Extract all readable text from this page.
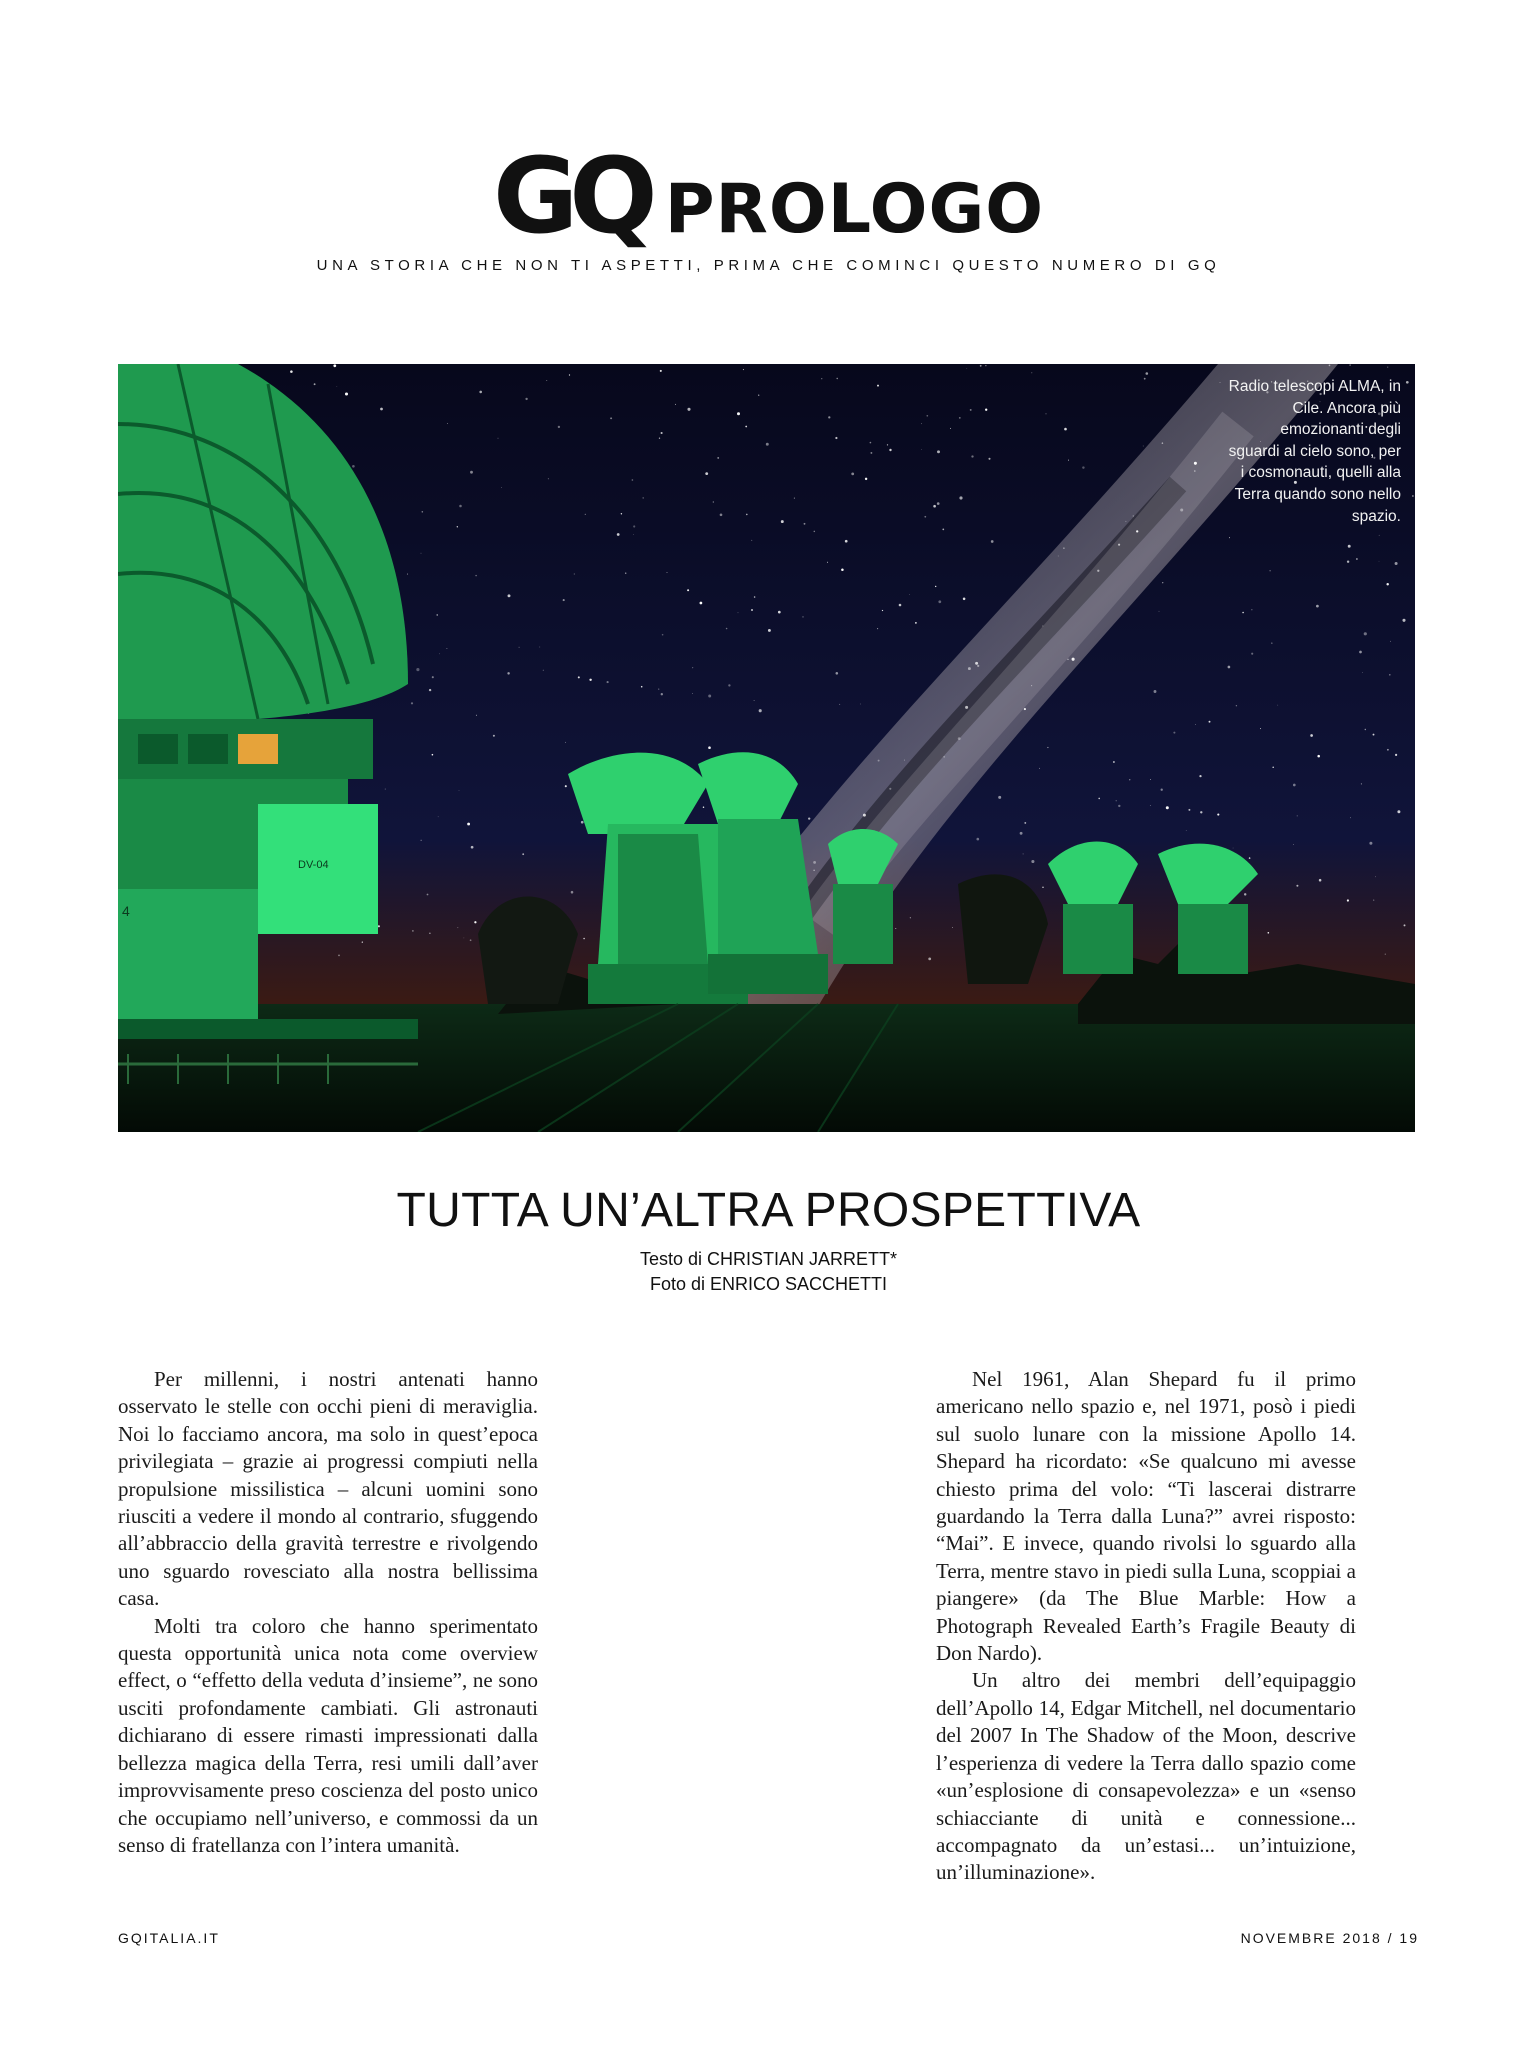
GQ PROLOGO
UNA STORIA CHE NON TI ASPETTI, PRIMA CHE COMINCI QUESTO NUMERO DI GQ
DV-04
4
Radio telescopi ALMA, in Cile. Ancora più emozionanti degli sguardi al cielo sono, per i cosmonauti, quelli alla Terra quando sono nello spazio.
TUTTA UN’ALTRA PROSPETTIVA
Testo di CHRISTIAN JARRETT*
Foto di ENRICO SACCHETTI

Per millenni, i nostri antenati hanno osservato le stelle con occhi pieni di meraviglia. Noi lo facciamo ancora, ma solo in quest’epoca privilegiata – grazie ai progressi compiuti nella propulsione missilistica – alcuni uomini sono riusciti a vedere il mondo al contrario, sfuggendo all’abbraccio della gravità terrestre e rivolgendo uno sguardo rovesciato alla nostra bellissima casa.

Molti tra coloro che hanno sperimentato questa opportunità unica nota come overview effect, o “effetto della veduta d’insieme”, ne sono usciti profondamente cambiati. Gli astronauti dichiarano di essere rimasti impressionati dalla bellezza magica della Terra, resi umili dall’aver improvvisamente preso coscienza del posto unico che occupiamo nell’universo, e commossi da un senso di fratellanza con l’intera umanità.

Nel 1961, Alan Shepard fu il primo americano nello spazio e, nel 1971, posò i piedi sul suolo lunare con la missione Apollo 14. Shepard ha ricordato: «Se qualcuno mi avesse chiesto prima del volo: “Ti lascerai distrarre guardando la Terra dalla Luna?” avrei risposto: “Mai”. E invece, quando rivolsi lo sguardo alla Terra, mentre stavo in piedi sulla Luna, scoppiai a piangere» (da The Blue Marble: How a Photograph Revealed Earth’s Fragile Beauty di Don Nardo).

Un altro dei membri dell’equipaggio dell’Apollo 14, Edgar Mitchell, nel documentario del 2007 In The Shadow of the Moon, descrive l’esperienza di vedere la Terra dallo spazio come «un’esplosione di consapevolezza» e un «senso schiacciante di unità e connessione... accompagnato da un’estasi... un’intuizione, un’illuminazione».

GQITALIA.IT	NOVEMBRE 2018 / 19
